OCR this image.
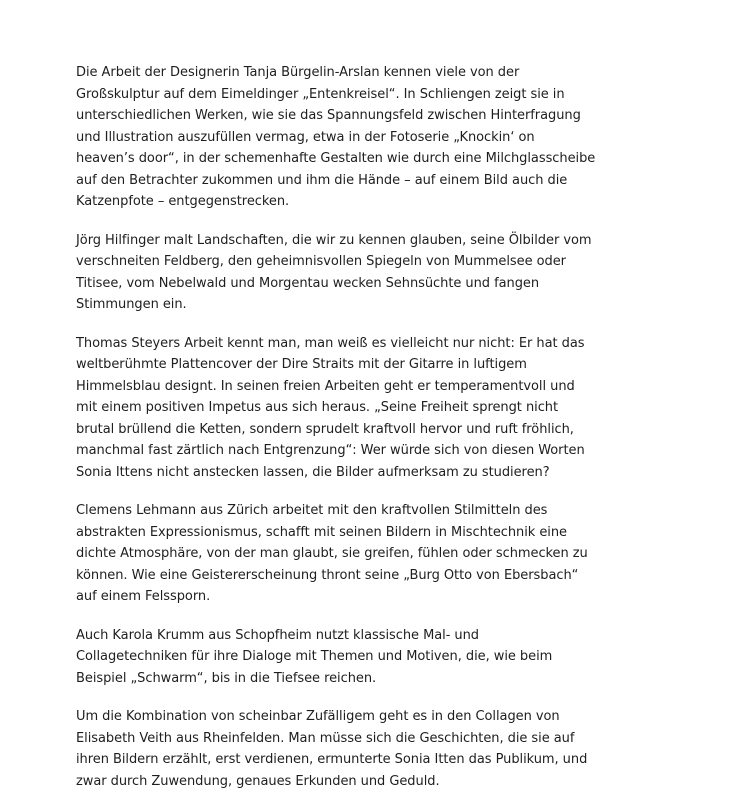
Die Arbeit der Designerin Tanja Bürgelin-Arslan kennen viele von der
Großskulptur auf dem Eimeldinger „Entenkreisel“. In Schliengen zeigt sie in
unterschiedlichen Werken, wie sie das Spannungsfeld zwischen Hinterfragung
und Illustration auszufüllen vermag, etwa in der Fotoserie „Knockin‘ on
heaven’s door“, in der schemenhafte Gestalten wie durch eine Milchglasscheibe
auf den Betrachter zukommen und ihm die Hände – auf einem Bild auch die
Katzenpfote – entgegenstrecken.

Jörg Hilfinger malt Landschaften, die wir zu kennen glauben, seine Ölbilder vom
verschneiten Feldberg, den geheimnisvollen Spiegeln von Mummelsee oder
Titisee, vom Nebelwald und Morgentau wecken Sehnsüchte und fangen
Stimmungen ein.

Thomas Steyers Arbeit kennt man, man weiß es vielleicht nur nicht: Er hat das
weltberühmte Plattencover der Dire Straits mit der Gitarre in luftigem
Himmelsblau designt. In seinen freien Arbeiten geht er temperamentvoll und
mit einem positiven Impetus aus sich heraus. „Seine Freiheit sprengt nicht
brutal brüllend die Ketten, sondern sprudelt kraftvoll hervor und ruft fröhlich,
manchmal fast zärtlich nach Entgrenzung“: Wer würde sich von diesen Worten
Sonia Ittens nicht anstecken lassen, die Bilder aufmerksam zu studieren?

Clemens Lehmann aus Zürich arbeitet mit den kraftvollen Stilmitteln des
abstrakten Expressionismus, schafft mit seinen Bildern in Mischtechnik eine
dichte Atmosphäre, von der man glaubt, sie greifen, fühlen oder schmecken zu
können. Wie eine Geistererscheinung thront seine „Burg Otto von Ebersbach“
auf einem Felssporn.

Auch Karola Krumm aus Schopfheim nutzt klassische Mal- und
Collagetechniken für ihre Dialoge mit Themen und Motiven, die, wie beim
Beispiel „Schwarm“, bis in die Tiefsee reichen.

Um die Kombination von scheinbar Zufälligem geht es in den Collagen von
Elisabeth Veith aus Rheinfelden. Man müsse sich die Geschichten, die sie auf
ihren Bildern erzählt, erst verdienen, ermunterte Sonia Itten das Publikum, und
zwar durch Zuwendung, genaues Erkunden und Geduld.
